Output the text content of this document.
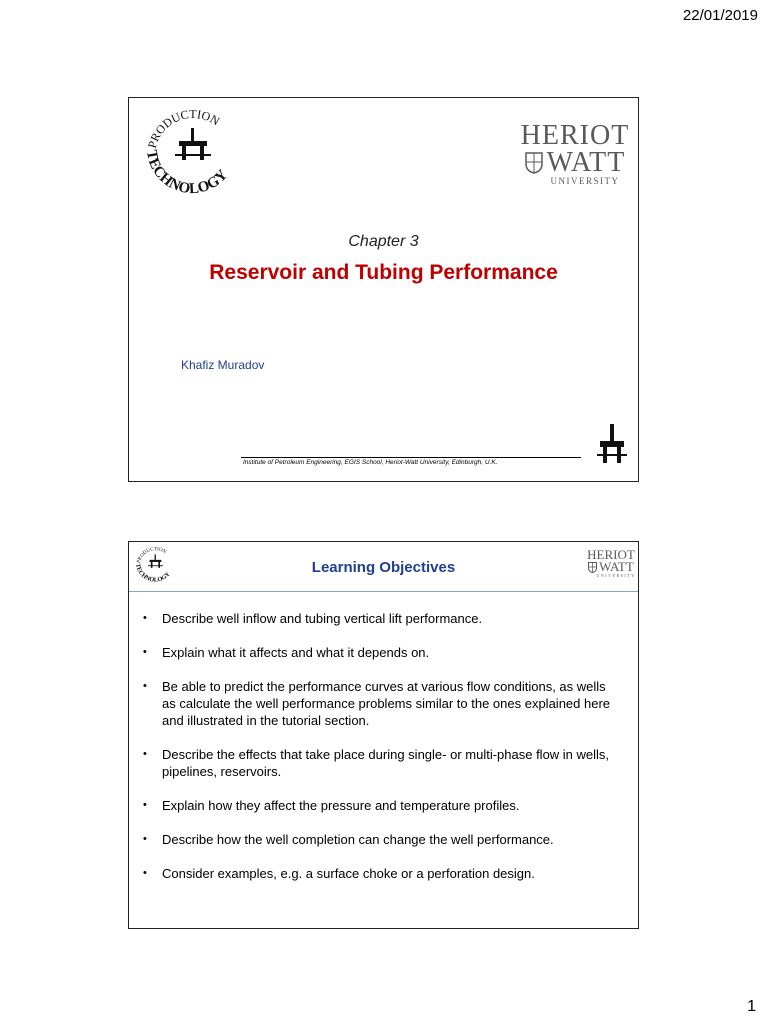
22/01/2019
PRODUCTION
TECHNOLOGY
HERIOT
WATT
UNIVERSITY
Chapter 3
Reservoir and Tubing Performance
Khafiz Muradov
Institute of Petroleum Engineering, EGIS School, Heriot-Watt University, Edinburgh, U.K.
PRODUCTION
TECHNOLOGY	Learning Objectives
HERIOT
WATT
UNIVERSITY
• Describe well inflow and tubing vertical lift performance.
• Explain what it affects and what it depends on.
• Be able to predict the performance curves at various flow conditions, as wells as calculate the well performance problems similar to the ones explained here and illustrated in the tutorial section.
• Describe the effects that take place during single- or multi-phase flow in wells, pipelines, reservoirs.
• Explain how they affect the pressure and temperature profiles.
• Describe how the well completion can change the well performance.
• Consider examples, e.g. a surface choke or a perforation design.
1
